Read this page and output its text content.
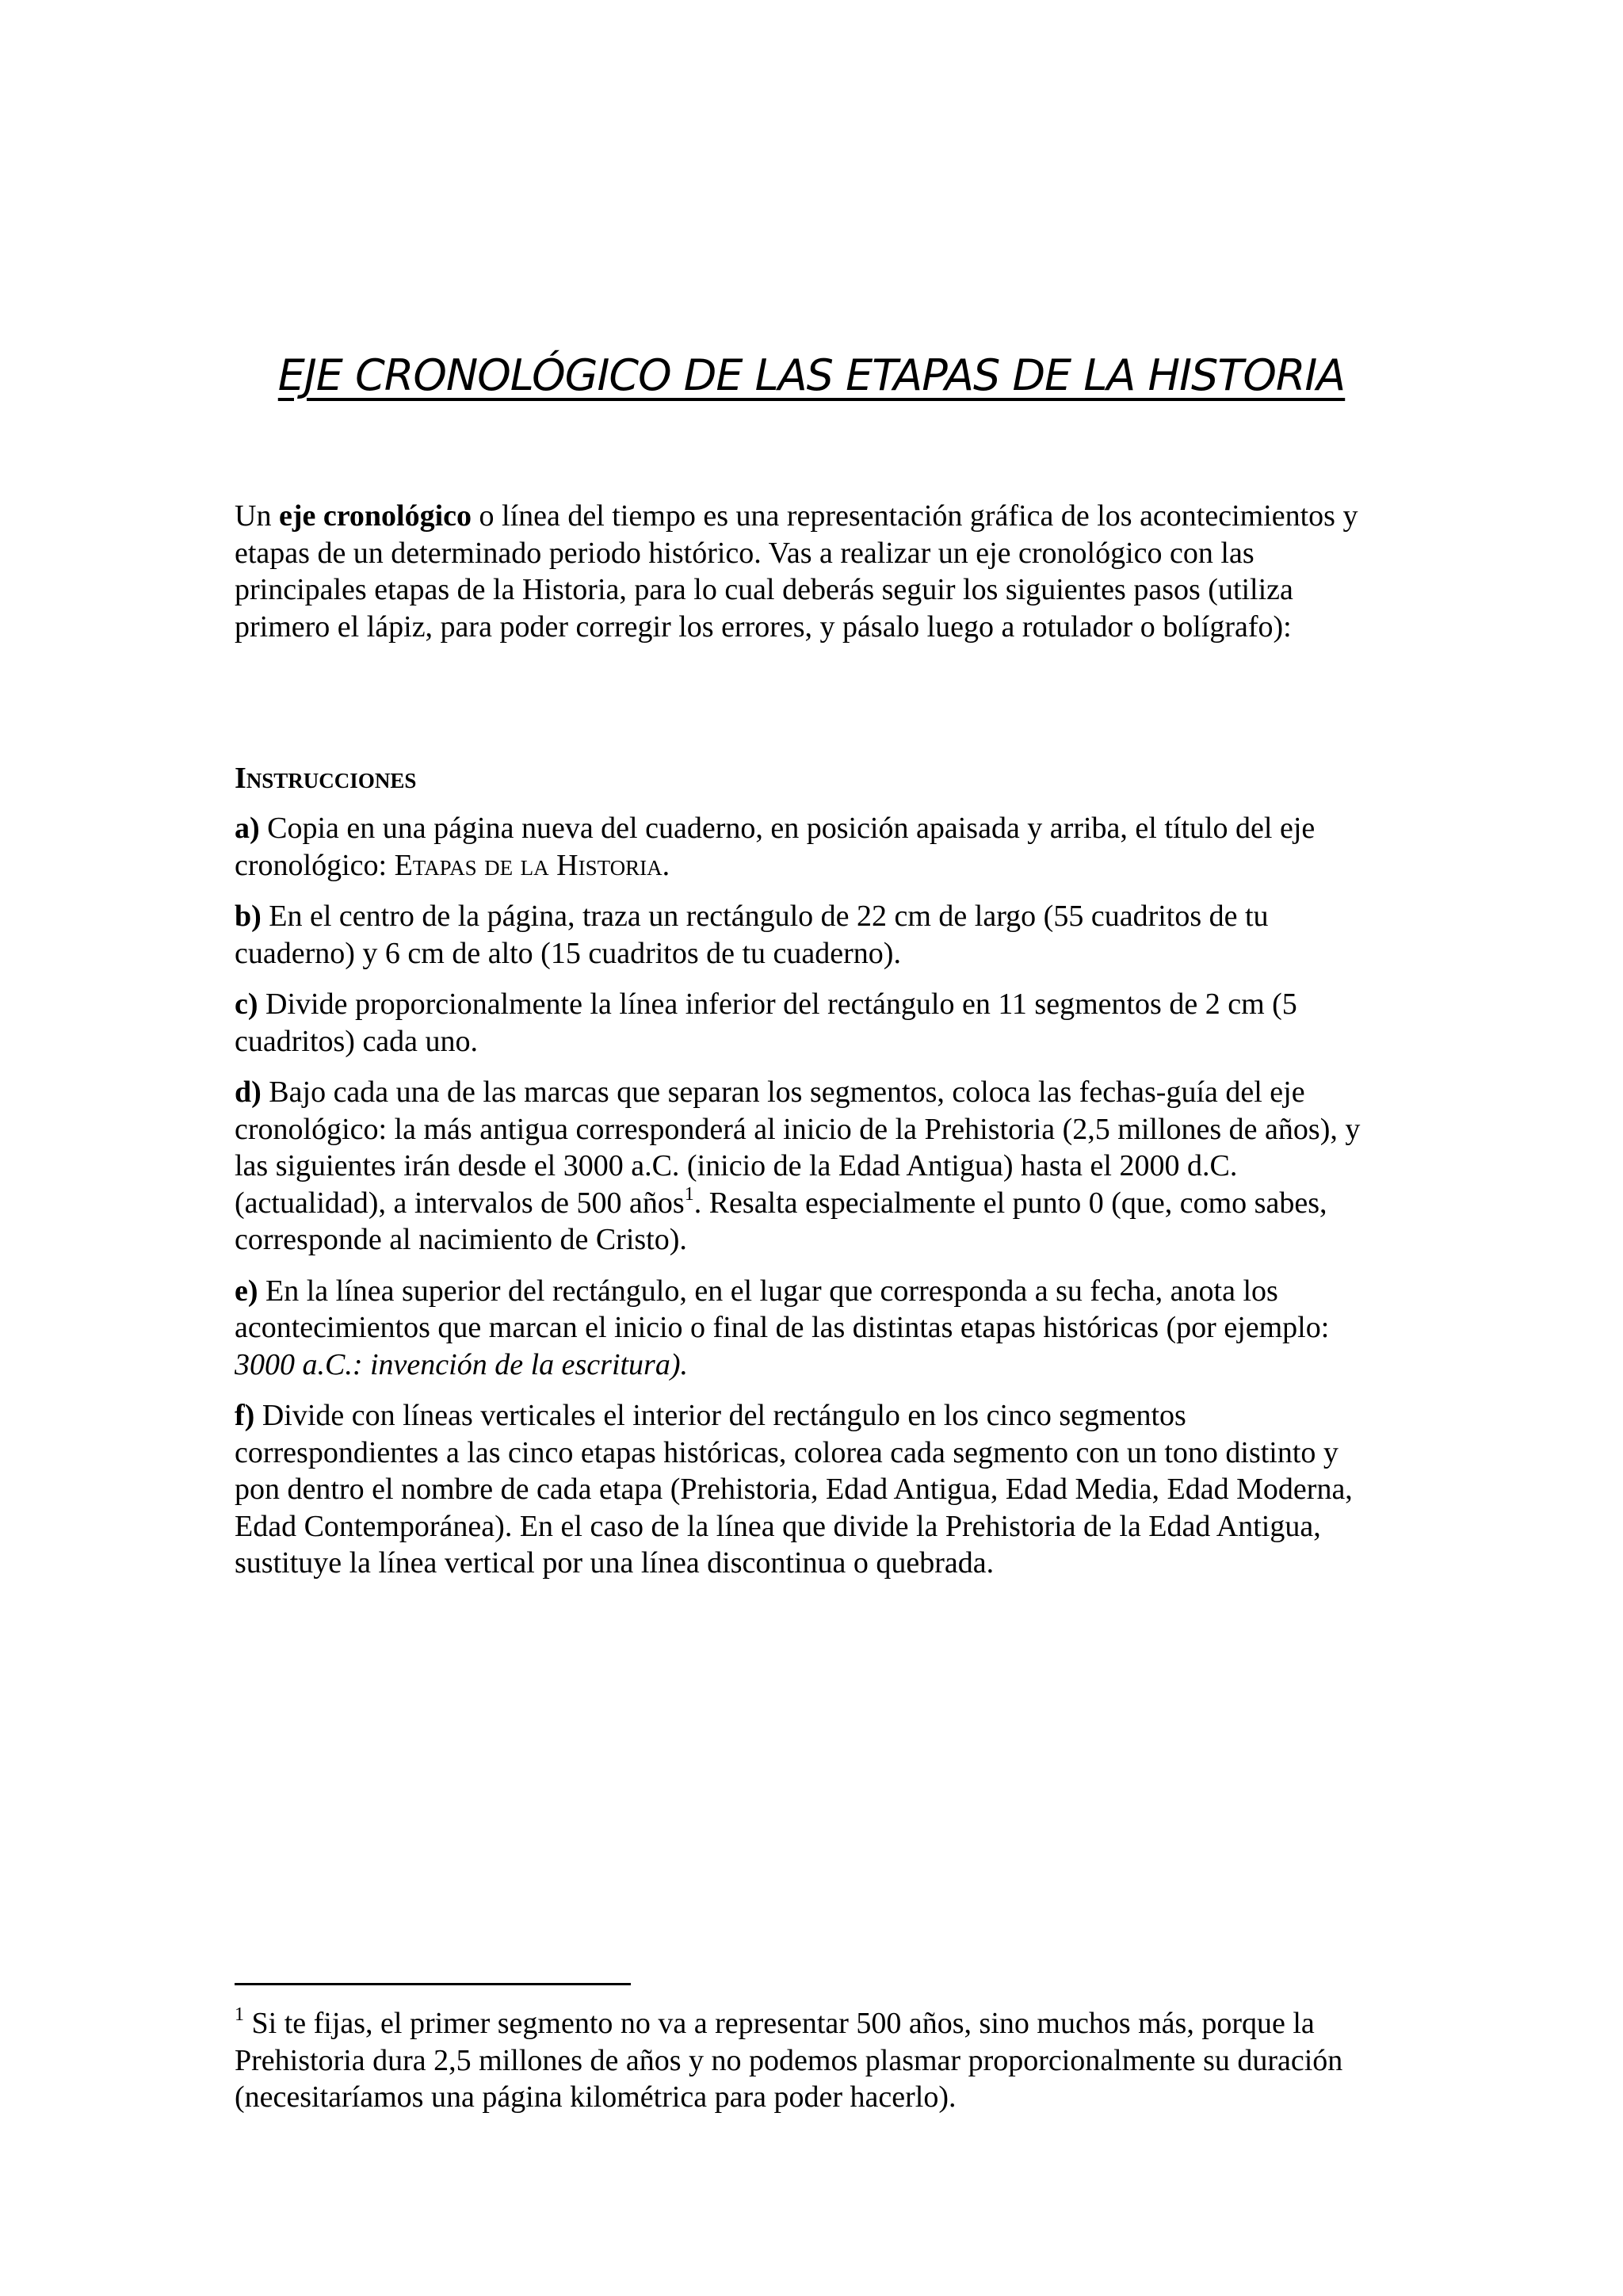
EJE CRONOLÓGICO DE LAS ETAPAS DE LA HISTORIA

Un eje cronológico o línea del tiempo es una representación gráfica de los acontecimientos y etapas de un determinado periodo histórico. Vas a realizar un eje cronológico con las principales etapas de la Historia, para lo cual deberás seguir los siguientes pasos (utiliza primero el lápiz, para poder corregir los errores, y pásalo luego a rotulador o bolígrafo):

Instrucciones

a) Copia en una página nueva del cuaderno, en posición apaisada y arriba, el título del eje cronológico: Etapas de la Historia.

b) En el centro de la página, traza un rectángulo de 22 cm de largo (55 cuadritos de tu cuaderno) y 6 cm de alto (15 cuadritos de tu cuaderno).

c) Divide proporcionalmente la línea inferior del rectángulo en 11 segmentos de 2 cm (5 cuadritos) cada uno.

d) Bajo cada una de las marcas que separan los segmentos, coloca las fechas-guía del eje cronológico: la más antigua corresponderá al inicio de la Prehistoria (2,5 millones de años), y las siguientes irán desde el 3000 a.C. (inicio de la Edad Antigua) hasta el 2000 d.C. (actualidad), a intervalos de 500 años$^1$. Resalta especialmente el punto 0 (que, como sabes, corresponde al nacimiento de Cristo).

e) En la línea superior del rectángulo, en el lugar que corresponda a su fecha, anota los acontecimientos que marcan el inicio o final de las distintas etapas históricas (por ejemplo: 3000 a.C.: invención de la escritura).

f) Divide con líneas verticales el interior del rectángulo en los cinco segmentos correspondientes a las cinco etapas históricas, colorea cada segmento con un tono distinto y pon dentro el nombre de cada etapa (Prehistoria, Edad Antigua, Edad Media, Edad Moderna, Edad Contemporánea). En el caso de la línea que divide la Prehistoria de la Edad Antigua, sustituye la línea vertical por una línea discontinua o quebrada.

$^1$ Si te fijas, el primer segmento no va a representar 500 años, sino muchos más, porque la Prehistoria dura 2,5 millones de años y no podemos plasmar proporcionalmente su duración (necesitaríamos una página kilométrica para poder hacerlo).
